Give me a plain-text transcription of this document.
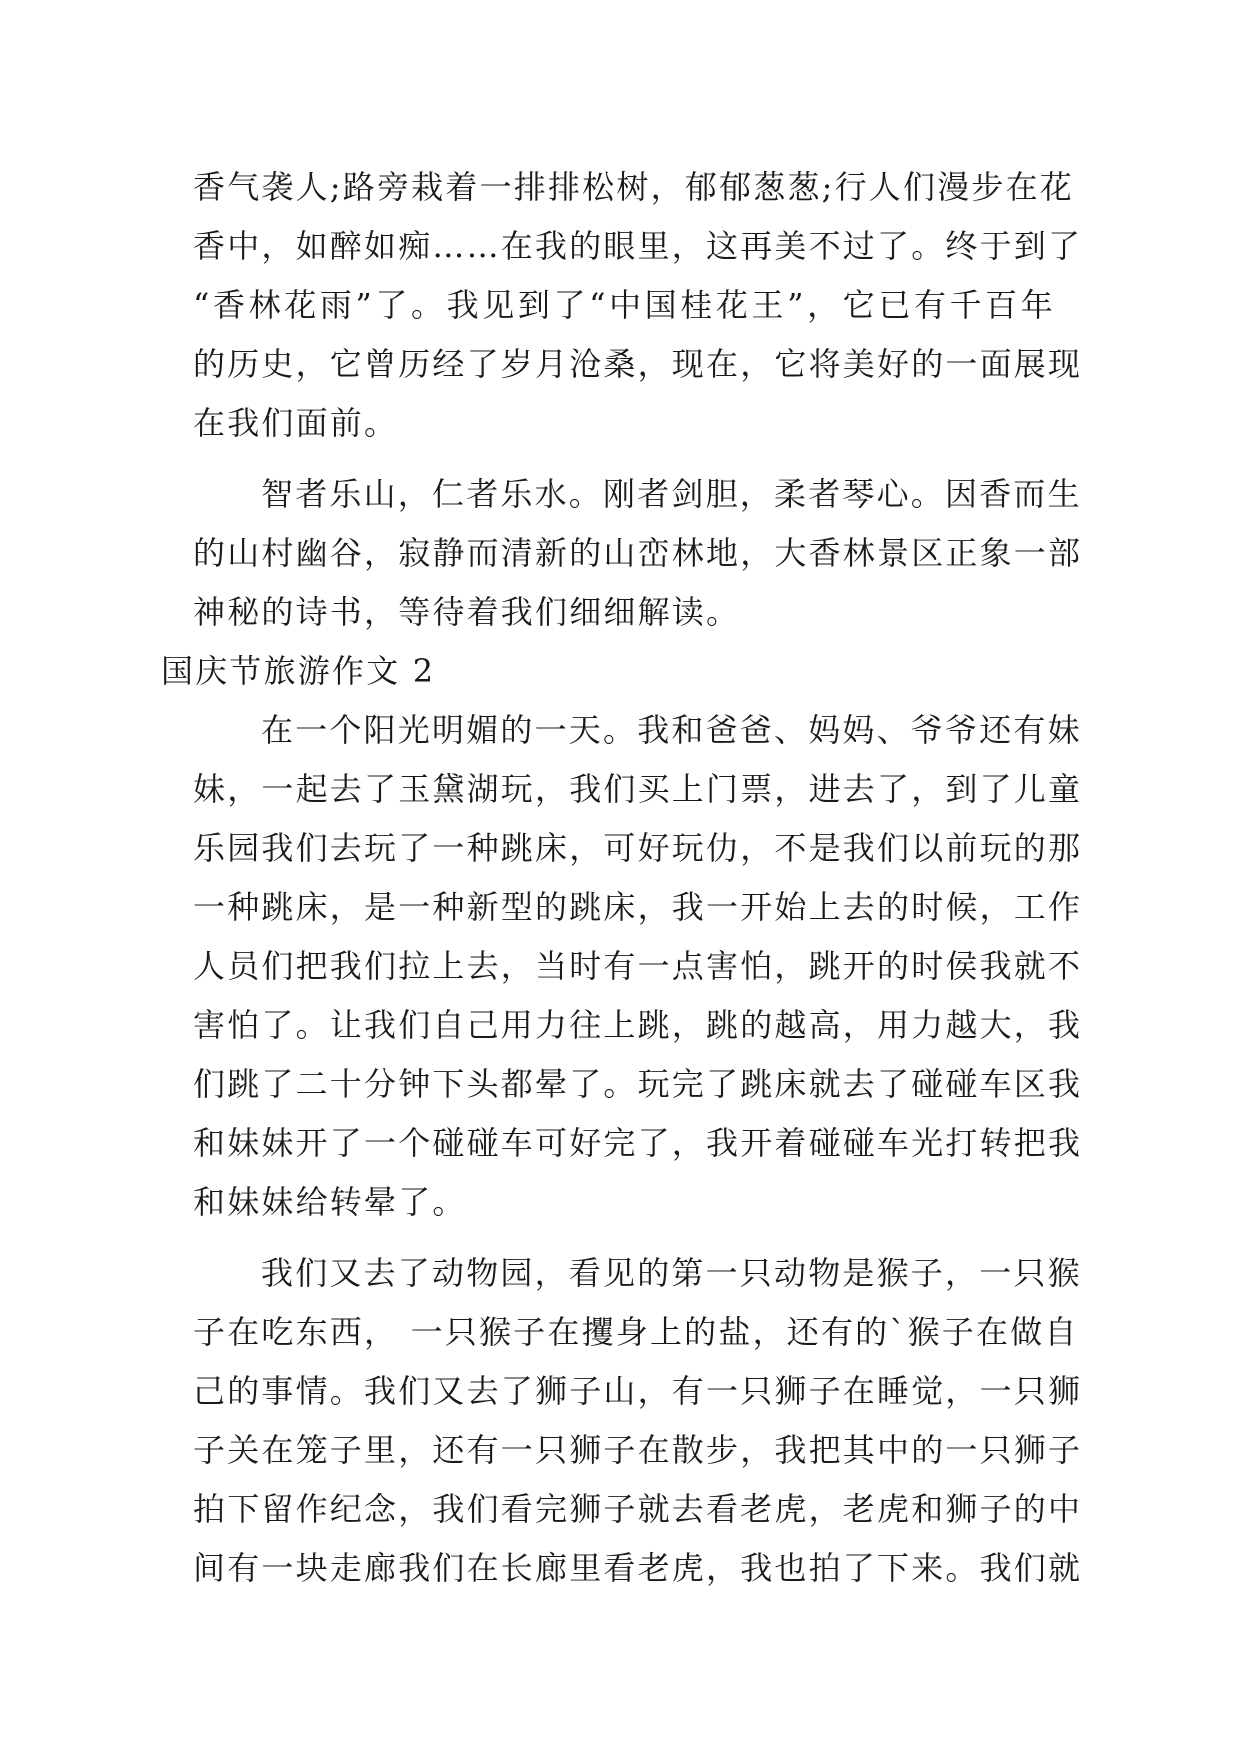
香气袭人;路旁栽着一排排松树，郁郁葱葱;行人们漫步在花
香中，如醉如痴……在我的眼里，这再美不过了。终于到了
“香林花雨”了。我见到了“中国桂花王”，它已有千百年
的历史，它曾历经了岁月沧桑，现在，它将美好的一面展现
在我们面前。
智者乐山，仁者乐水。刚者剑胆，柔者琴心。因香而生
的山村幽谷，寂静而清新的山峦林地，大香林景区正象一部
神秘的诗书，等待着我们细细解读。
国庆节旅游作文 2
在一个阳光明媚的一天。我和爸爸、妈妈、爷爷还有妹
妹，一起去了玉黛湖玩，我们买上门票，进去了，到了儿童
乐园我们去玩了一种跳床，可好玩仂，不是我们以前玩的那
一种跳床，是一种新型的跳床，我一开始上去的时候，工作
人员们把我们拉上去，当时有一点害怕，跳开的时侯我就不
害怕了。让我们自己用力往上跳，跳的越高，用力越大，我
们跳了二十分钟下头都晕了。玩完了跳床就去了碰碰车区我
和妹妹开了一个碰碰车可好完了，我开着碰碰车光打转把我
和妹妹给转晕了。
我们又去了动物园，看见的第一只动物是猴子，一只猴
子在吃东西， 一只猴子在攫身上的盐，还有的`猴子在做自
己的事情。我们又去了狮子山，有一只狮子在睡觉，一只狮
子关在笼子里，还有一只狮子在散步，我把其中的一只狮子
拍下留作纪念，我们看完狮子就去看老虎，老虎和狮子的中
间有一块走廊我们在长廊里看老虎，我也拍了下来。我们就
